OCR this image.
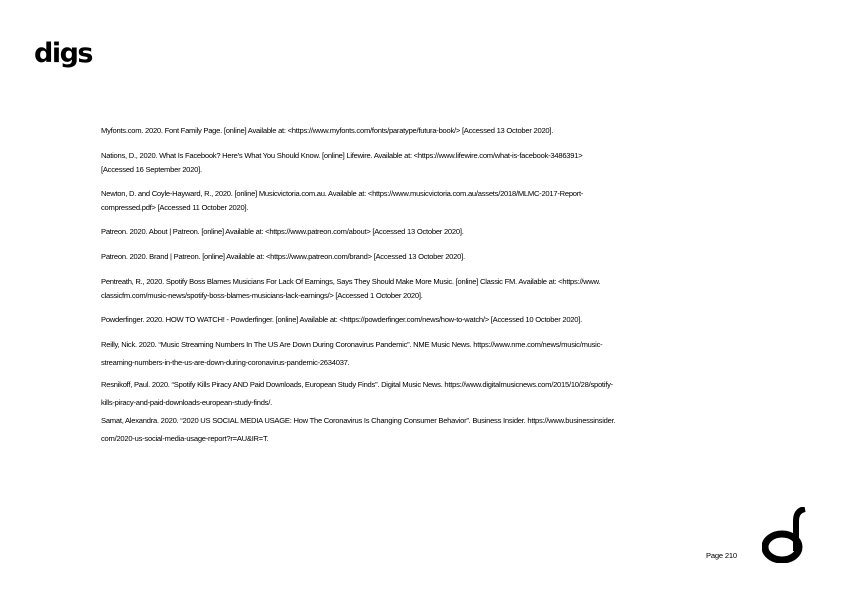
digs
Myfonts.com. 2020. Font Family Page. [online] Available at: <https://www.myfonts.com/fonts/paratype/futura-book/> [Accessed 13 October 2020].
Nations, D., 2020. What Is Facebook? Here’s What You Should Know. [online] Lifewire. Available at: <https://www.lifewire.com/what-is-facebook-3486391>
[Accessed 16 September 2020].
Newton, D. and Coyle-Hayward, R., 2020. [online] Musicvictoria.com.au. Available at: <https://www.musicvictoria.com.au/assets/2018/MLMC-2017-Report-
compressed.pdf> [Accessed 11 October 2020].
Patreon. 2020. About | Patreon. [online] Available at: <https://www.patreon.com/about> [Accessed 13 October 2020].
Patreon. 2020. Brand | Patreon. [online] Available at: <https://www.patreon.com/brand> [Accessed 13 October 2020].
Pentreath, R., 2020. Spotify Boss Blames Musicians For Lack Of Earnings, Says They Should Make More Music. [online] Classic FM. Available at: <https://www.
classicfm.com/music-news/spotify-boss-blames-musicians-lack-earnings/> [Accessed 1 October 2020].
Powderfinger. 2020. HOW TO WATCH! - Powderfinger. [online] Available at: <https://powderfinger.com/news/how-to-watch/> [Accessed 10 October 2020].
Reilly, Nick. 2020. “Music Streaming Numbers In The US Are Down During Coronavirus Pandemic”. NME Music News. https://www.nme.com/news/music/music-
streaming-numbers-in-the-us-are-down-during-coronavirus-pandemic-2634037.
Resnikoff, Paul. 2020. “Spotify Kills Piracy AND Paid Downloads, European Study Finds”. Digital Music News. https://www.digitalmusicnews.com/2015/10/28/spotify-
kills-piracy-and-paid-downloads-european-study-finds/.
Samat, Alexandra. 2020. “2020 US SOCIAL MEDIA USAGE: How The Coronavirus Is Changing Consumer Behavior”. Business Insider. https://www.businessinsider.
com/2020-us-social-media-usage-report?r=AU&IR=T.

Page 210
